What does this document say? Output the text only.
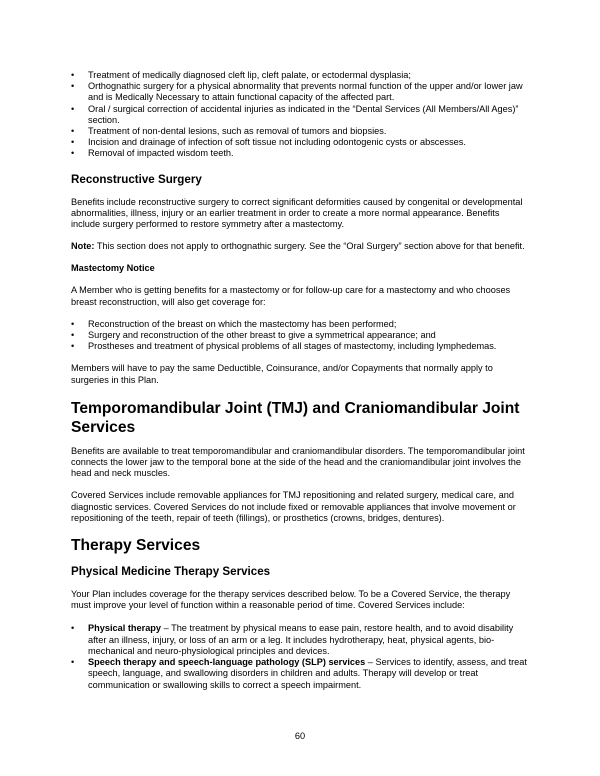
• Treatment of medically diagnosed cleft lip, cleft palate, or ectodermal dysplasia;
• Orthognathic surgery for a physical abnormality that prevents normal function of the upper and/or lower jaw and is Medically Necessary to attain functional capacity of the affected part.
• Oral / surgical correction of accidental injuries as indicated in the “Dental Services (All Members/All Ages)” section.
• Treatment of non-dental lesions, such as removal of tumors and biopsies.
• Incision and drainage of infection of soft tissue not including odontogenic cysts or abscesses.
• Removal of impacted wisdom teeth.
Reconstructive Surgery

Benefits include reconstructive surgery to correct significant deformities caused by congenital or developmental abnormalities, illness, injury or an earlier treatment in order to create a more normal appearance. Benefits include surgery performed to restore symmetry after a mastectomy.

Note: This section does not apply to orthognathic surgery. See the “Oral Surgery” section above for that benefit.

Mastectomy Notice

A Member who is getting benefits for a mastectomy or for follow-up care for a mastectomy and who chooses breast reconstruction, will also get coverage for:

• Reconstruction of the breast on which the mastectomy has been performed;
• Surgery and reconstruction of the other breast to give a symmetrical appearance; and
• Prostheses and treatment of physical problems of all stages of mastectomy, including lymphedemas.

Members will have to pay the same Deductible, Coinsurance, and/or Copayments that normally apply to surgeries in this Plan.

Temporomandibular Joint (TMJ) and Craniomandibular Joint Services

Benefits are available to treat temporomandibular and craniomandibular disorders. The temporomandibular joint connects the lower jaw to the temporal bone at the side of the head and the craniomandibular joint involves the head and neck muscles.

Covered Services include removable appliances for TMJ repositioning and related surgery, medical care, and diagnostic services. Covered Services do not include fixed or removable appliances that involve movement or repositioning of the teeth, repair of teeth (fillings), or prosthetics (crowns, bridges, dentures).

Therapy Services
Physical Medicine Therapy Services

Your Plan includes coverage for the therapy services described below. To be a Covered Service, the therapy must improve your level of function within a reasonable period of time. Covered Services include:

• Physical therapy – The treatment by physical means to ease pain, restore health, and to avoid disability after an illness, injury, or loss of an arm or a leg. It includes hydrotherapy, heat, physical agents, bio-mechanical and neuro-physiological principles and devices.
• Speech therapy and speech-language pathology (SLP) services – Services to identify, assess, and treat speech, language, and swallowing disorders in children and adults. Therapy will develop or treat communication or swallowing skills to correct a speech impairment.
60
